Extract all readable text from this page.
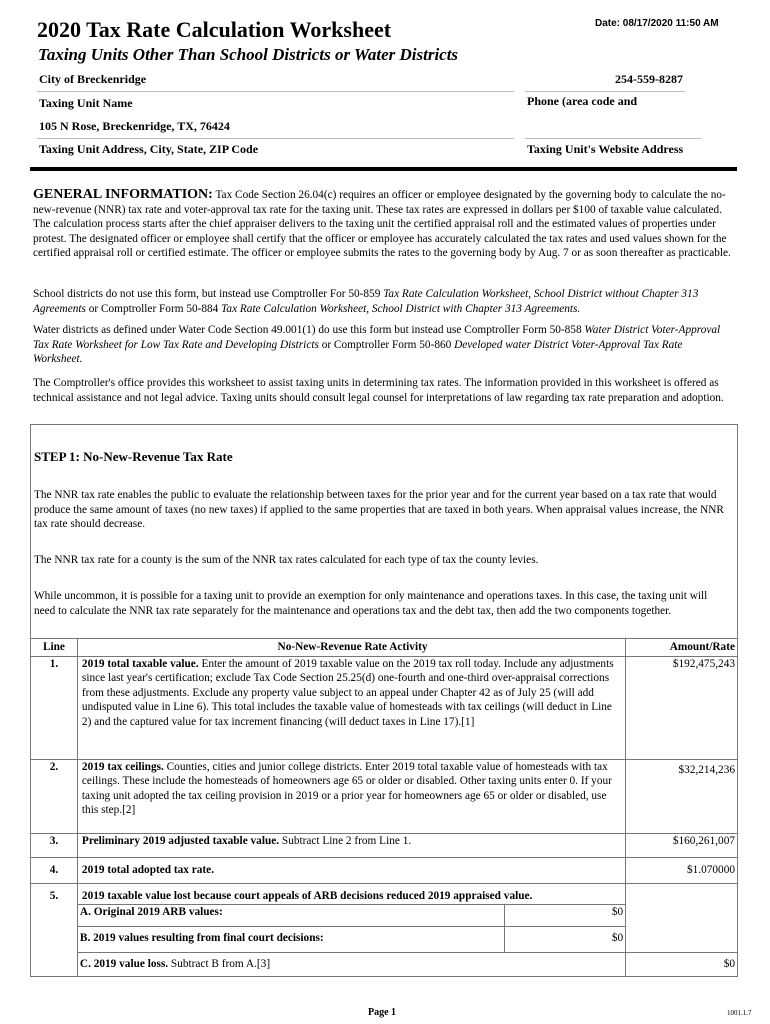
Date: 08/17/2020 11:50 AM
2020 Tax Rate Calculation Worksheet
Taxing Units Other Than School Districts or Water Districts
City of Breckenridge
Taxing Unit Name
254-559-8287
Phone (area code and
105 N Rose, Breckenridge, TX, 76424
Taxing Unit Address, City, State, ZIP Code	Taxing Unit's Website Address
GENERAL INFORMATION: Tax Code Section 26.04(c) requires an officer or employee designated by the governing body to calculate the no-new-revenue (NNR) tax rate and voter-approval tax rate for the taxing unit. These tax rates are expressed in dollars per $100 of taxable value calculated. The calculation process starts after the chief appraiser delivers to the taxing unit the certified appraisal roll and the estimated values of properties under protest. The designated officer or employee shall certify that the officer or employee has accurately calculated the tax rates and used values shown for the certified appraisal roll or certified estimate. The officer or employee submits the rates to the governing body by Aug. 7 or as soon thereafter as practicable.
School districts do not use this form, but instead use Comptroller For 50-859 Tax Rate Calculation Worksheet, School District without Chapter 313 Agreements or Comptroller Form 50-884 Tax Rate Calculation Worksheet, School District with Chapter 313 Agreements.
Water districts as defined under Water Code Section 49.001(1) do use this form but instead use Comptroller Form 50-858 Water District Voter-Approval Tax Rate Worksheet for Low Tax Rate and Developing Districts or Comptroller Form 50-860 Developed water District Voter-Approval Tax Rate Worksheet.
The Comptroller's office provides this worksheet to assist taxing units in determining tax rates. The information provided in this worksheet is offered as technical assistance and not legal advice. Taxing units should consult legal counsel for interpretations of law regarding tax rate preparation and adoption.
STEP 1: No-New-Revenue Tax Rate
The NNR tax rate enables the public to evaluate the relationship between taxes for the prior year and for the current year based on a tax rate that would produce the same amount of taxes (no new taxes) if applied to the same properties that are taxed in both years. When appraisal values increase, the NNR tax rate should decrease.
The NNR tax rate for a county is the sum of the NNR tax rates calculated for each type of tax the county levies.
While uncommon, it is possible for a taxing unit to provide an exemption for only maintenance and operations taxes. In this case, the taxing unit will need to calculate the NNR tax rate separately for the maintenance and operations tax and the debt tax, then add the two components together.
Line	No-New-Revenue Rate Activity		Amount/Rate
1.	2019 total taxable value. Enter the amount of 2019 taxable value on the 2019 tax roll today. Include any adjustments since last year's certification; exclude Tax Code Section 25.25(d) one-fourth and one-third over-appraisal corrections from these adjustments. Exclude any property value subject to an appeal under Chapter 42 as of July 25 (will add undisputed value in Line 6). This total includes the taxable value of homesteads with tax ceilings (will deduct in Line 2) and the captured value for tax increment financing (will deduct taxes in Line 17).[1]		$192,475,243
2.	2019 tax ceilings. Counties, cities and junior college districts. Enter 2019 total taxable value of homesteads with tax ceilings. These include the homesteads of homeowners age 65 or older or disabled. Other taxing units enter 0. If your taxing unit adopted the tax ceiling provision in 2019 or a prior year for homeowners age 65 or older or disabled, use this step.[2]		$32,214,236
3.	Preliminary 2019 adjusted taxable value. Subtract Line 2 from Line 1.		$160,261,007
4.	2019 total adopted tax rate.		$1.070000
5.	2019 taxable value lost because court appeals of ARB decisions reduced 2019 appraised value.		
	A. Original 2019 ARB values:	$0	
	B. 2019 values resulting from final court decisions:	$0	
	C. 2019 value loss. Subtract B from A.[3]		$0
Page 1	1001.1.7
